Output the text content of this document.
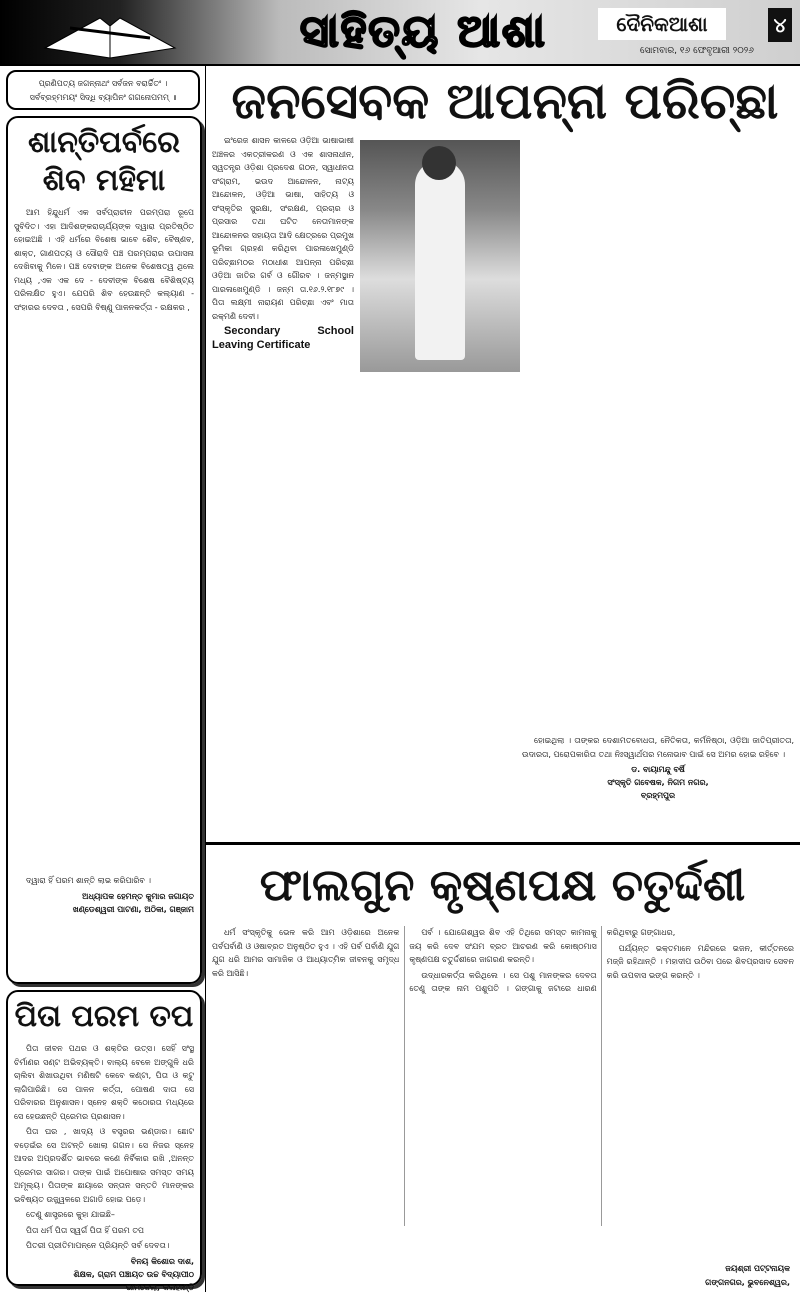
ସାହିତ୍ୟ ଆଶା	ଦୈନିକଆଶା	୪
ସୋମବାର, ୧୬ ଫେବୃଆରୀ ୨୦୨୬
ପ୍ରଣିପତ୍ୟ ଜଗନ୍ନାଥଂ ସର୍ବଜନ ବରାର୍ଚ୍ଚିତଂ ।
ସର୍ବବ୍ରହ୍ମମୟଂ ସିଦ୍ଧି ବ୍ୟାପିନଂ ଗଗନୋପମମ୍ ॥
ଶାନ୍ତିପର୍ବରେ ଶିବ ମହିମା

ଆମ ହିନ୍ଦୁଧର୍ମ ଏକ ସର୍ବପ୍ରାଚୀନ ପରମ୍ପରା ରୂପେ ସୁବିଦିତ। ଏହା ଆଦିଶଙ୍କରାଚାର୍ଯ୍ୟଙ୍କ ଦ୍ୱାରା ପ୍ରତିଷ୍ଠିତ ହୋଇଅଛି । ଏହି ଧର୍ମରେ ବିଶେଷ ଭାବେ ଶୈବ, ବୈଷ୍ଣବ, ଶାକ୍ତ, ଗାଣପତ୍ୟ ଓ ସୌରାଦି ପଞ୍ଚ ପରମ୍ପରାର ଉପାସନା ଦେଖିବାକୁ ମିଳେ। ପଞ୍ଚ ଦେବାଙ୍କ ଅନେକ ବିଶେଷତ୍ୱ ଥିଲେ ମଧ୍ୟ ,ଏକ ଏକ ଦେ - ଦେବୀଙ୍କ ବିଶେଷ ବୈଶିଷ୍ଟ୍ୟ ପରିଲକ୍ଷିତ ହୁଏ। ଯେପରି ଶିବ ହେଉଛନ୍ତି କଲ୍ୟାଣ - ସଂହାରର ଦେବତା , ସେପରି ବିଷ୍ଣୁ ପାଳନକର୍ତ୍ତା - ରକ୍ଷକର ,

ଦ୍ୱାରା ହିଁ ପରମ ଶାନ୍ତି ଲାଭ କରିପାରିବ ।

ଅଧ୍ୟାପକ ହେମନ୍ତ କୁମାର ଜଗାୟତ
ଖଣ୍ଡେଶ୍ୱରୀ ପାଟଣା, ଅଠିକା, ଗଞ୍ଜାମ
ପିତା ପରମ ତପ

ପିତା ଜୀବନ ପଥର ଓ ଶକ୍ତିର ଉତ୍ସ। ସେହିଁ ସଂସ୍ଥ ଚିର୍ମାଣର ସଣ୍ଟ ଅଭିବ୍ୟକ୍ତି। ବାଲ୍ୟ ବେଳେ ଅଙ୍ଗୁଳି ଧରି ଚାଲିବା ଶିଖାଉଥିବା ମଣିଷଟି କେବେ କଣ୍ଟା, ପିତା ଓ କଟୁ ଲାଗିପାରିଛି। ସେ ପାଳନ କର୍ତ୍ତା, ପୋଷଣ ଦାତା ସେ ପରିବାରର ଅନୁଶାସନ। ସ୍ନେହ ଶକ୍ତି କଠୋରତା ମଧ୍ୟରେ ସେ ହେଉଛନ୍ତି ପ୍ରେମର ପ୍ରଶାସନ।

ପିତା ଘର , ଖାଦ୍ୟ ଓ ବସ୍ତ୍ରର ଭଣ୍ଡାର। ଛୋଟ ବଡ଼େଇଁର ସେ ଅଟନ୍ତି ଖୋଲା ଗଗନ। ସେ ନିଜର ସ୍ନେହ ଆଦର ଅପ୍ରଦର୍ଶିତ ଭାବରେ କଣେ ନିର୍ବିକାର ରଖି ,ଅନନ୍ତ ପ୍ରେମର ସାଗର। ତାଙ୍କ ପାଇଁ ଅପୋଷାର ସମସ୍ତ ସମୟ ଅମୂଲ୍ୟ। ପିତାଙ୍କ ଛାୟାରେ ସନ୍ତାନ ସନ୍ତତି ମାନଙ୍କର ଭବିଷ୍ୟତ ଉଜ୍ଜ୍ୱଳରେ ଅଗାଡି ହୋଇ ପଡ଼େ।

ତେଣୁ ଶାସ୍ତ୍ରରେ କୁହା ଯାଇଛି–

ପିତା ଧର୍ମ ପିତା ସ୍ୱର୍ଗ ପିତା ହିଁ ପରମ ତପ

ପିତରୀ ପ୍ରୀତିମାପନ୍ନେ ପ୍ରିୟନ୍ତି ସର୍ବ ଦେବତା।

ବିନୟ କିଶୋର ଦାଶ,
ଶିକ୍ଷକ, ଗ୍ରାମ ପଞ୍ଚାୟତ ଉଚ୍ଚ ବିଦ୍ୟାପୀଠ
ଭାମକେଲା, କଳାହାଣ୍ଡି
ଜନସେବକ ଆପନ୍ନା ପରିଚ୍ଛା

ଇଂରେଜ ଶାସନ କାଳରେ ଓଡ଼ିଆ ଭାଷାଭାଷୀ ଅଞ୍ଚଳର ଏକତ୍ରୀକରଣ ଓ ଏକ ଶାସନାଧୀନ, ସ୍ୱତନ୍ତ୍ର ଓଡ଼ିଶା ପ୍ରଦେଶ ଗଠନ, ସ୍ୱାଧୀନତା ସଂଗ୍ରାମ, ଭଉଦ ଆନ୍ଦୋଳନ, ନାଟ୍ୟ ଆନ୍ଦୋଳନ, ଓଡ଼ିଆ ଭାଷା, ସାହିତ୍ୟ ଓ ସଂସ୍କୃତିର ସୁରକ୍ଷା, ସଂରକ୍ଷଣ, ପ୍ରଚାର ଓ ପ୍ରସାର ତଥା ଘଟିତ ନେତାମାନଙ୍କ ଆନ୍ଦୋଳନର ସହାୟତା ଆଦି କ୍ଷେତ୍ରରେ ପ୍ରମୁଖ ଭୂମିକା ଗ୍ରହଣ କରିଥିବା ପାରଳାଖେମୁଣ୍ଡି ପରିଚ୍ଛାମଠର ମଠାଧୀଶ ଆପନ୍ନା ପରିଚ୍ଛା ଓଡ଼ିଆ ଜାତିର ଗର୍ବ ଓ ଗୌରବ । ଜନ୍ମସ୍ଥାନ ପାରଳାଖେମୁଣ୍ଡି । ଜନ୍ମ ତା.୧୬.୨.୧୮୭୯ । ପିତା ଲକ୍ଷ୍ମୀ ନାରାୟଣ ପରିଚ୍ଛା ଏବଂ ମାତା ରକ୍ମଣି ଦେବୀ।

Secondary School Leaving Certificate

ହୋଇଥିଲା । ତାଙ୍କର ଦେଶାମତବୋଧତା, ନୈତିକତା, କର୍ମନିଷ୍ଠା, ଓଡ଼ିଆ ଜାତିପ୍ରୀତତା, ଉଦାରତା, ପରୋପକାରିତା ତଥା ନିଃସ୍ୱାର୍ଥପର ମନୋଭାବ ପାଇଁ ସେ ଅମର ହୋଇ ରହିବେ ।

ଡ. ବାୟାମନ୍ଦୁ ବର୍ଷି
ସଂସ୍କୃତି ଗବେଷକ, ନିଗମ ନଗର,
ବ୍ରହ୍ମପୁର
ଫାଲଗୁନ କୃଷ୍ଣପକ୍ଷ ଚତୁର୍ଦ୍ଦଶୀ

ଧର୍ମ ସଂସ୍କୃତିକୁ ଭେଳ କରି ଆମ ଓଡ଼ିଶାରେ ଅନେକ ପର୍ବପର୍ବାଣି ଓ ଓଷାବ୍ରତ ଅନୁଷ୍ଠିତ ହୁଏ । ଏହି ପର୍ବ ପର୍ବାଣି ଯୁଗ ଯୁଗ ଧରି ଆମର ସାମାଜିକ ଓ ଆଧ୍ୟାତ୍ମିକ ଜୀବନକୁ ସମୃଦ୍ଧ କରି ଆସିଛି।

ପର୍ବ । ଯୋଗେଶ୍ୱର ଶିବ ଏହି ତିଥିରେ ସମସ୍ତ କାମନାକୁ ଜୟ କରି ଦେବ ସଂଯମ ବ୍ରତ ଆଚରଣ କରି କୋଷ୍ଠମାସ କୃଷ୍ଣପକ୍ଷ ଚତୁର୍ଦ୍ଦଶୀରେ ଜାଗରଣ କରନ୍ତି।

ଉଦ୍ଧାରକର୍ତ୍ତା କରିଥିଲେ । ସେ ପଶୁ ମାନଙ୍କର ଦେବତା ତେଣୁ ତାଙ୍କ ନାମ ପଶୁପତି । ଗଙ୍ଗାକୁ ଜଟାରେ ଧାରଣ କରିଥିବାରୁ ଗଙ୍ଗାଧର,

ପର୍ଯ୍ୟନ୍ତ ଭକ୍ତମାନେ ମନ୍ଦିରରେ ଭଜନ, କୀର୍ତ୍ତନରେ ମଜ୍ଜି ରହିଥାନ୍ତି । ମହାଦୀପ ଉଠିବା ପରେ ଶିବପ୍ରସାଦ ସେବନ କରି ଉପବାସ ଭଙ୍ଗ କରନ୍ତି ।

ଜୟଶ୍ରୀ ପଟ୍ଟନାୟକ
ଗଙ୍ଗନଗର, ଭୁବନେଶ୍ୱର,
